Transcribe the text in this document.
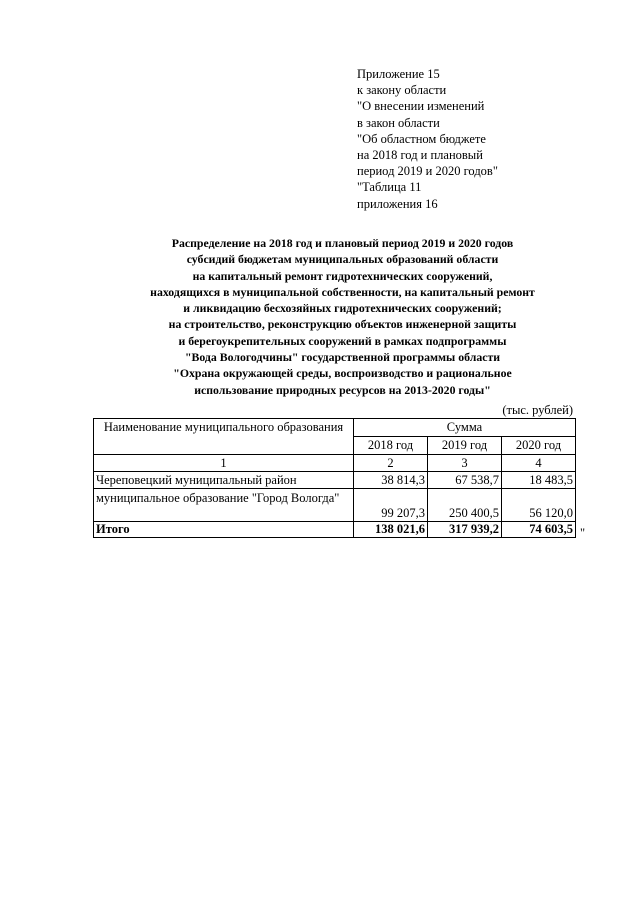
Приложение 15
к закону области
"О внесении изменений
в закон области
"Об областном бюджете
на 2018 год и плановый
период 2019 и 2020 годов"
"Таблица 11
приложения 16
Распределение на 2018 год и плановый период 2019 и 2020 годов
субсидий бюджетам муниципальных образований области
на капитальный ремонт гидротехнических сооружений,
находящихся в муниципальной собственности, на капитальный ремонт
и ликвидацию бесхозяйных гидротехнических сооружений;
на строительство, реконструкцию объектов инженерной защиты
и берегоукрепительных сооружений в рамках подпрограммы
"Вода Вологодчины" государственной программы области
"Охрана окружающей среды, воспроизводство и рациональное
использование природных ресурсов на 2013-2020 годы"
(тыс. рублей)
Наименование муниципального образования	Сумма		
	2018 год	2019 год	2020 год
1	2	3	4
Череповецкий муниципальный район	38 814,3	67 538,7	18 483,5
муниципальное образование "Город Вологда"	99 207,3	250 400,5	56 120,0
Итого	138 021,6	317 939,2	74 603,5 "
